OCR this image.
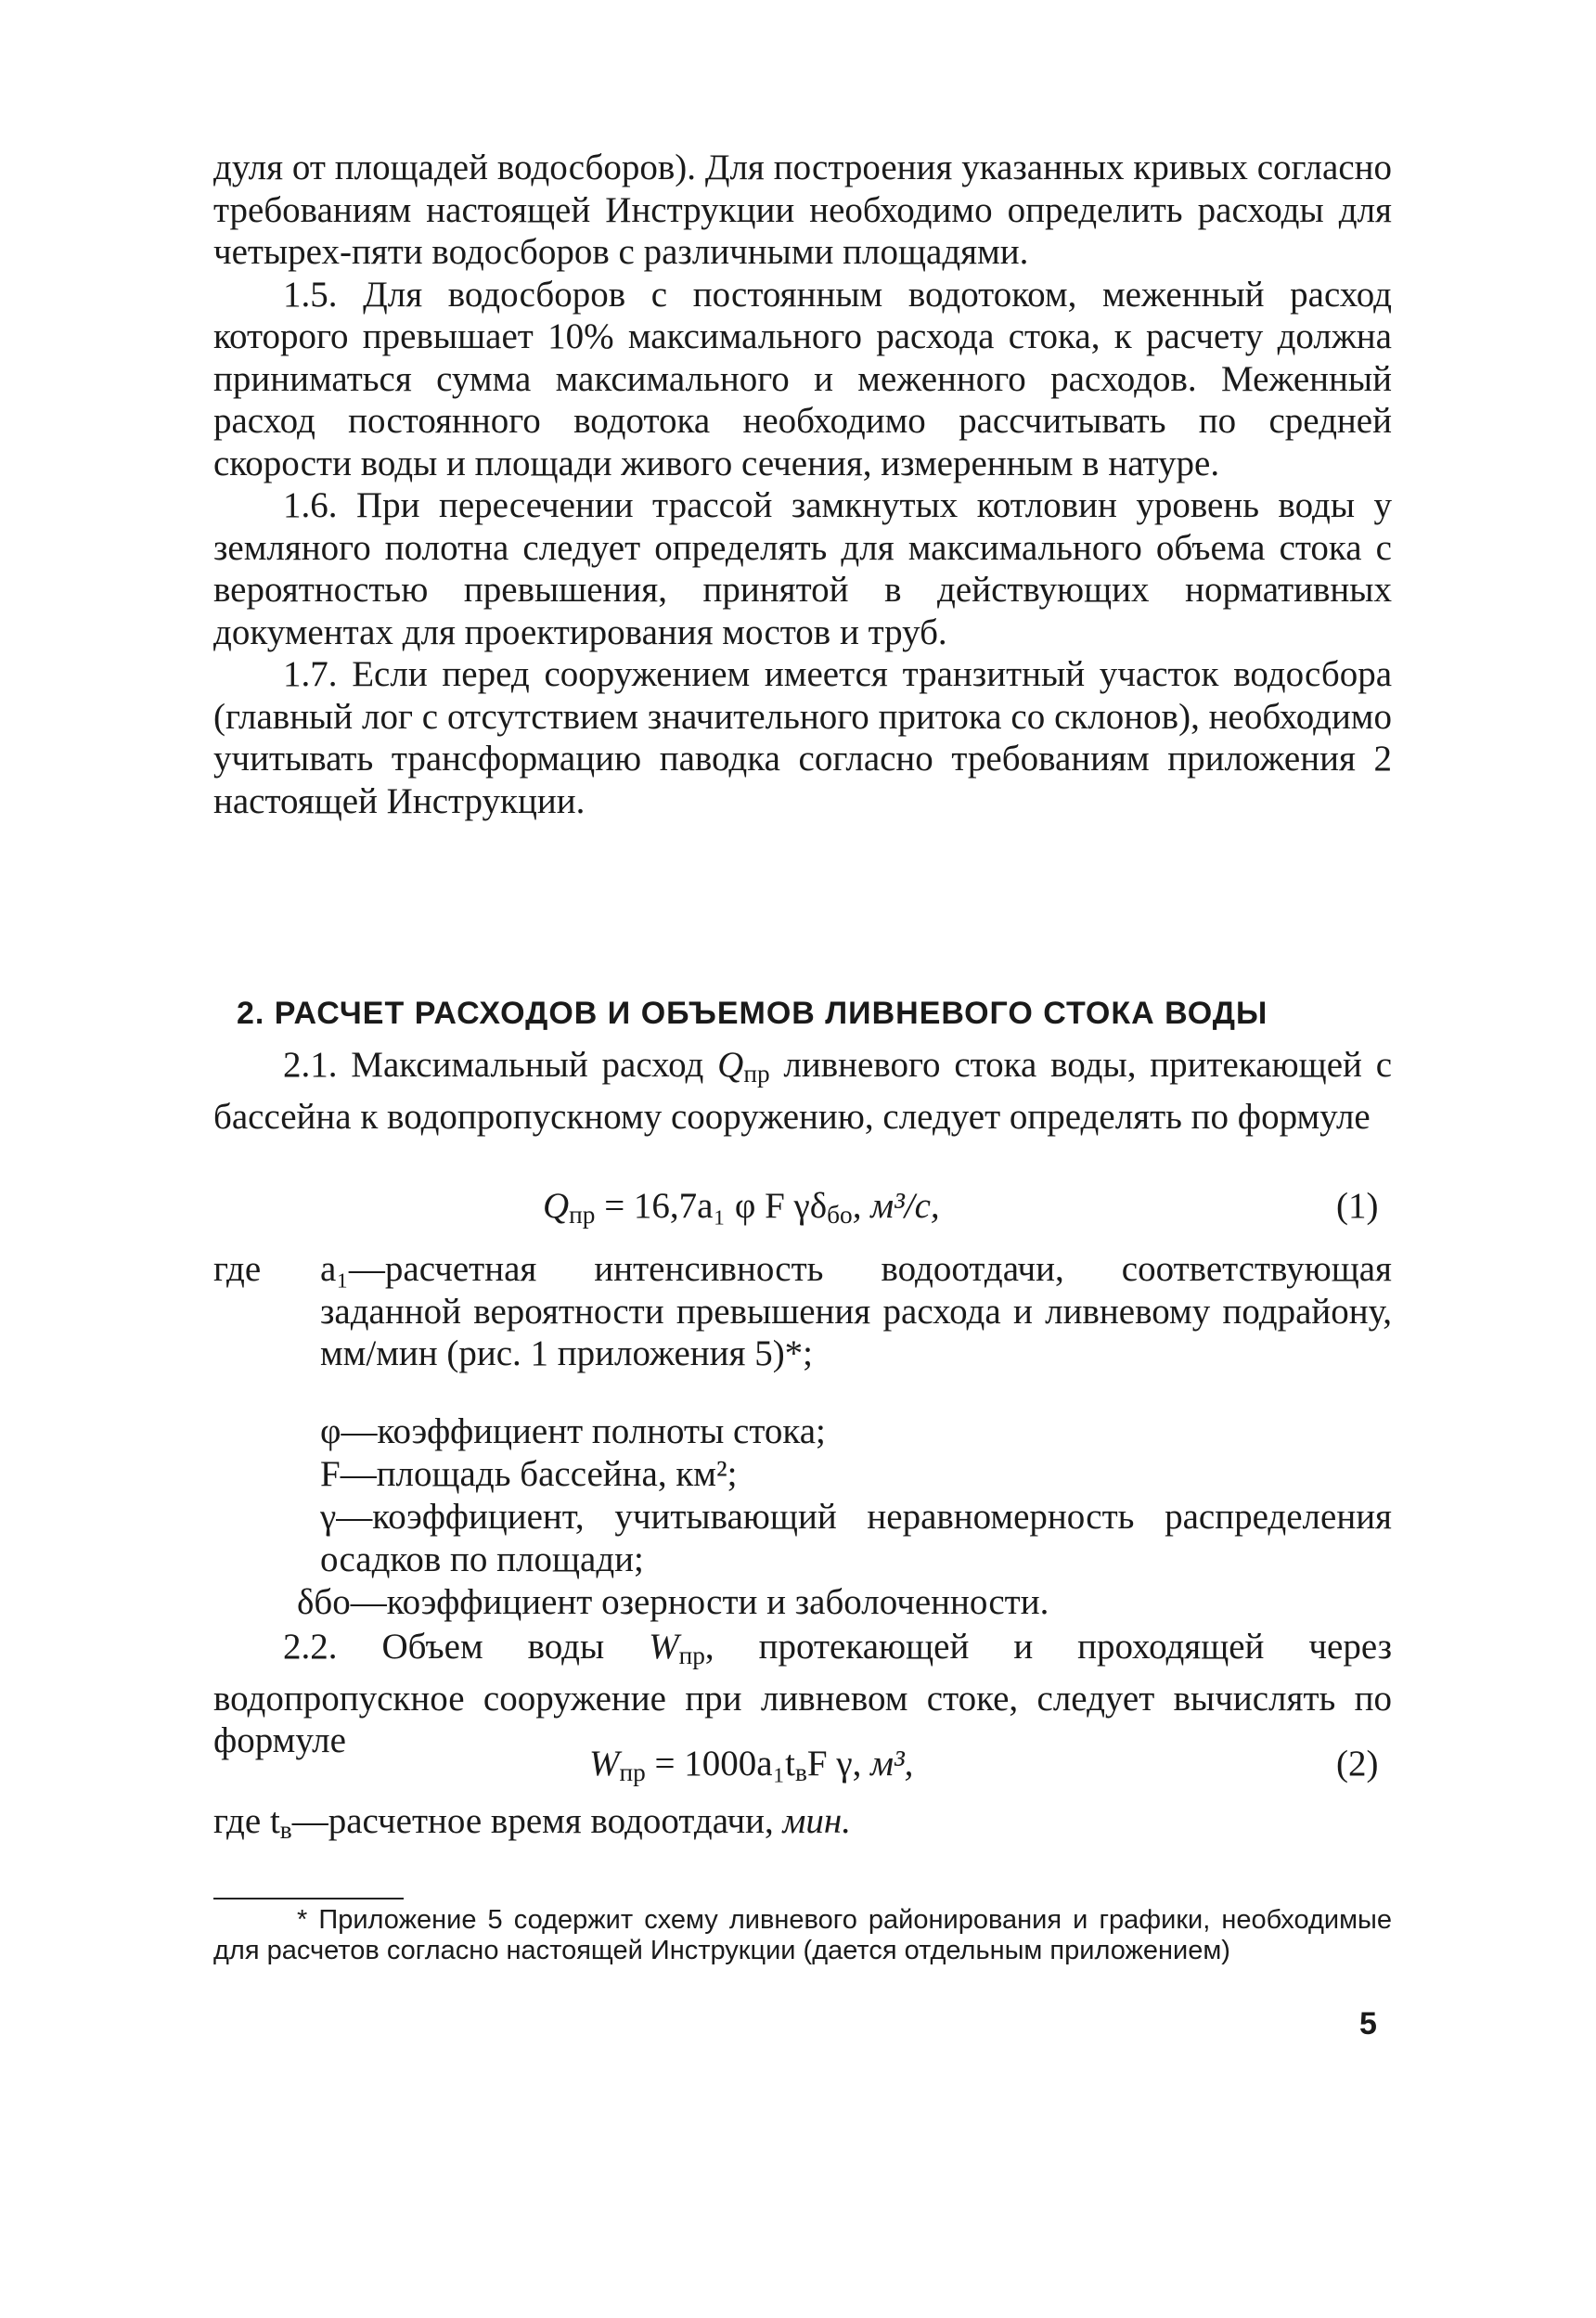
дуля от площадей водосборов). Для построения указанных кривых согласно требованиям настоящей Инструкции необходимо определить расходы для четырех-пяти водосборов с различными площадями.

1.5. Для водосборов с постоянным водотоком, меженный расход которого превышает 10% максимального расхода стока, к расчету должна приниматься сумма максимального и меженного расходов. Меженный расход постоянного водотока необходимо рассчитывать по средней скорости воды и площади живого сечения, измеренным в натуре.

1.6. При пересечении трассой замкнутых котловин уровень воды у земляного полотна следует определять для максимального объема стока с вероятностью превышения, принятой в действующих нормативных документах для проектирования мостов и труб.

1.7. Если перед сооружением имеется транзитный участок водосбора (главный лог с отсутствием значительного притока со склонов), необходимо учитывать трансформацию паводка согласно требованиям приложения 2 настоящей Инструкции.

2. РАСЧЕТ РАСХОДОВ И ОБЪЕМОВ ЛИВНЕВОГО СТОКА ВОДЫ

2.1. Максимальный расход $Q_{пр}$ ливневого стока воды, притекающей с бассейна к водопропускному сооружению, следует определять по формуле

$Q_{пр} = 16,7a_1$ φ F $\gamma\delta_{бо}$, м³/с,	(1)
где a₁—расчетная интенсивность водоотдачи, соответствующая заданной вероятности превышения расхода и ливневому подрайону, мм/мин (рис. 1 приложения 5)*;
φ—коэффициент полноты стока;
F—площадь бассейна, км²;
γ—коэффициент, учитывающий неравномерность распределения осадков по площади;
δбо—коэффициент озерности и заболоченности.

2.2. Объем воды $W_{пр}$, протекающей и проходящей через водопропускное сооружение при ливневом стоке, следует вычислять по формуле

$W_{пр} = 1000a_1t_вF$ γ, м³,	(2)
где $t_в—расчетное$ время водоотдачи, мин.
* Приложение 5 содержит схему ливневого районирования и графики, необходимые для расчетов согласно настоящей Инструкции (дается отдельным приложением)
5
